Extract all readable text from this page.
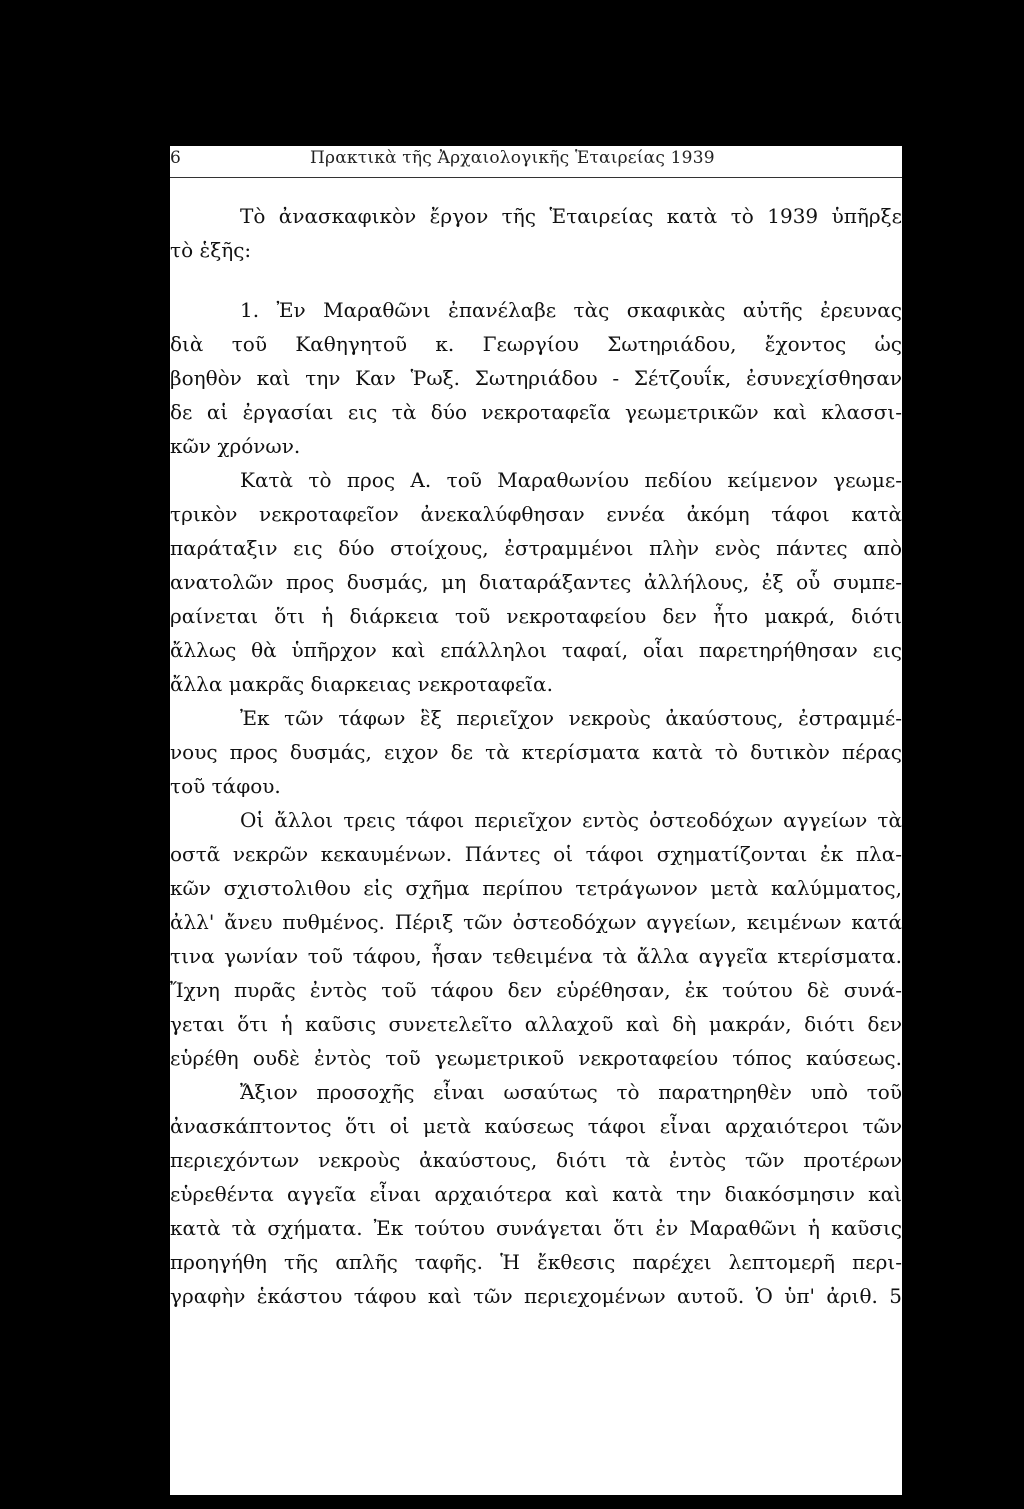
6	Πρακτικὰ τῆς Ἀρχαιολογικῆς Ἑταιρείας 1939
Τὸ ἀνασκαφικὸν ἔργον τῆς Ἑταιρείας κατὰ τὸ 1939 ὑπῆρξε
τὸ ἑξῆς:
1. Ἐν Μαραθῶνι ἐπανέλαβε τὰς σκαφικὰς αὐτῆς ἐρευνας
διὰ τοῦ Καθηγητοῦ κ. Γεωργίου Σωτηριάδου, ἔχοντος ὡς
βοηθὸν καὶ την Καν Ῥωξ. Σωτηριάδου - Σέτζουΐκ, ἐσυνεχίσθησαν
δε αἱ ἐργασίαι εις τὰ δύο νεκροταφεῖα γεωμετρικῶν καὶ κλασσι-
κῶν χρόνων.
Κατὰ τὸ προς Α. τοῦ Μαραθωνίου πεδίου κείμενον γεωμε-
τρικὸν νεκροταφεῖον ἀνεκαλύφθησαν εννέα ἀκόμη τάφοι κατὰ
παράταξιν εις δύο στοίχους, ἐστραμμένοι πλὴν ενὸς πάντες απὸ
ανατολῶν προς δυσμάς, μη διαταράξαντες ἀλλήλους, ἐξ οὗ συμπε-
ραίνεται ὅτι ἡ διάρκεια τοῦ νεκροταφείου δεν ἦτο μακρά, διότι
ἄλλως θὰ ὑπῆρχον καὶ επάλληλοι ταφαί, οἷαι παρετηρήθησαν εις
ἄλλα μακρᾶς διαρκειας νεκροταφεῖα.
Ἐκ τῶν τάφων ἓξ περιεῖχον νεκροὺς ἀκαύστους, ἐστραμμέ-
νους προς δυσμάς, ειχον δε τὰ κτερίσματα κατὰ τὸ δυτικὸν πέρας
τοῦ τάφου.
Οἱ ἄλλοι τρεις τάφοι περιεῖχον εντὸς ὀστεοδόχων αγγείων τὰ
οστᾶ νεκρῶν κεκαυμένων. Πάντες οἱ τάφοι σχηματίζονται ἐκ πλα-
κῶν σχιστολιθου εἰς σχῆμα περίπου τετράγωνον μετὰ καλύμματος,
ἀλλ' ἄνευ πυθμένος. Πέριξ τῶν ὀστεοδόχων αγγείων, κειμένων κατά
τινα γωνίαν τοῦ τάφου, ἦσαν τεθειμένα τὰ ἄλλα αγγεῖα κτερίσματα.
Ἴχνη πυρᾶς ἐντὸς τοῦ τάφου δεν εὑρέθησαν, ἐκ τούτου δὲ συνά-
γεται ὅτι ἡ καῦσις συνετελεῖτο αλλαχοῦ καὶ δὴ μακράν, διότι δεν
εὑρέθη ουδὲ ἐντὸς τοῦ γεωμετρικοῦ νεκροταφείου τόπος καύσεως.
Ἄξιον προσοχῆς εἶναι ωσαύτως τὸ παρατηρηθὲν υπὸ τοῦ
ἀνασκάπτοντος ὅτι οἱ μετὰ καύσεως τάφοι εἶναι αρχαιότεροι τῶν
περιεχόντων νεκροὺς ἀκαύστους, διότι τὰ ἐντὸς τῶν προτέρων
εὑρεθέντα αγγεῖα εἶναι αρχαιότερα καὶ κατὰ την διακόσμησιν καὶ
κατὰ τὰ σχήματα. Ἐκ τούτου συνάγεται ὅτι ἐν Μαραθῶνι ἡ καῦσις
προηγήθη τῆς απλῆς ταφῆς. Ἡ ἔκθεσις παρέχει λεπτομερῆ περι-
γραφὴν ἑκάστου τάφου καὶ τῶν περιεχομένων αυτοῦ. Ὁ ὑπ' ἀριθ. 5
